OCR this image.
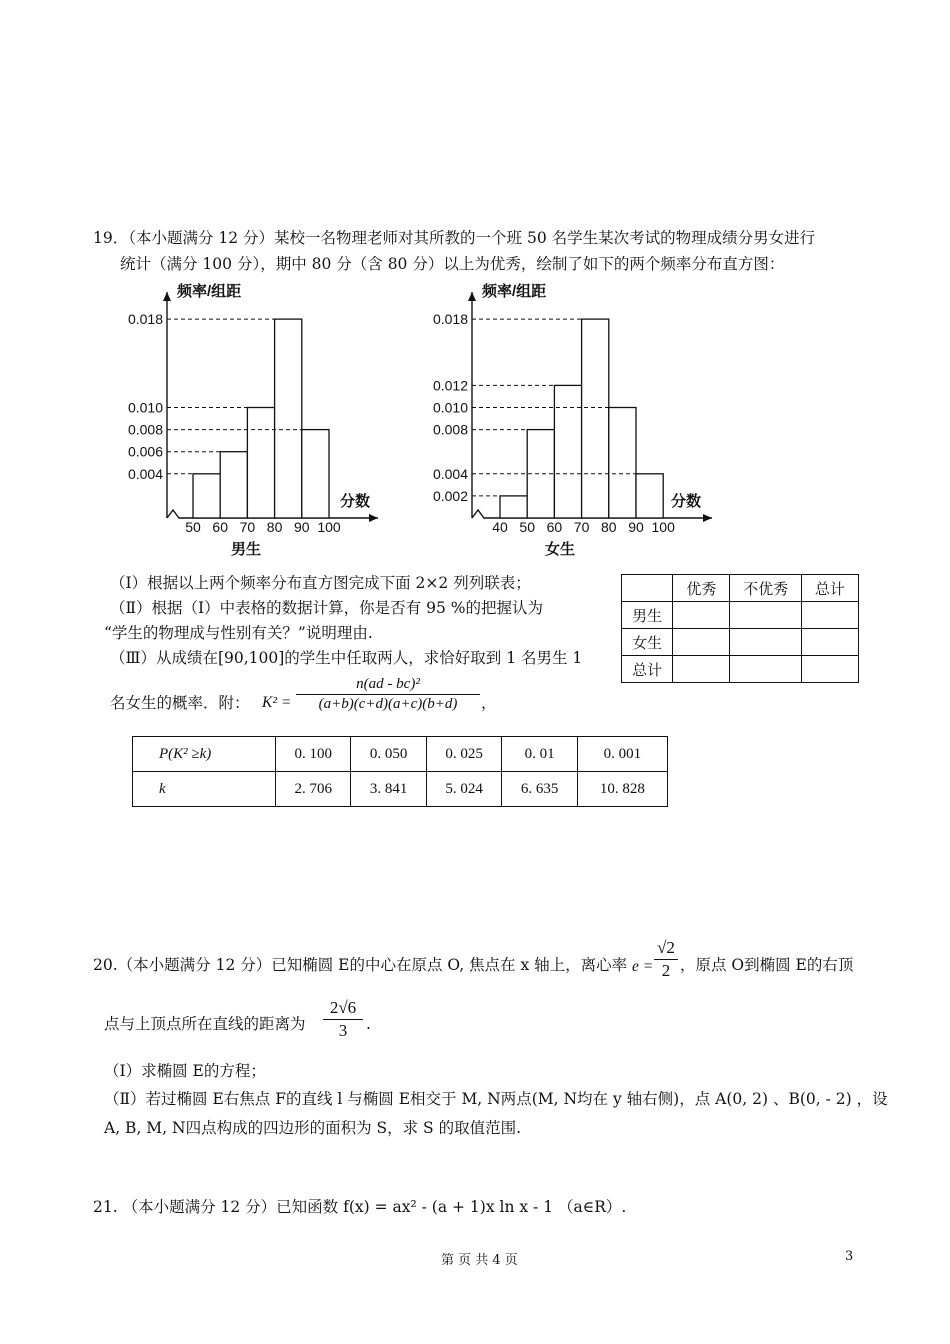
19．（本小题满分 12 分）某校一名物理老师对其所教的一个班 50 名学生某次考试的物理成绩分男女进行
统计（满分 100 分），期中 80 分（含 80 分）以上为优秀，绘制了如下的两个频率分布直方图：
频率/组距
分数
男生
0.018
0.010
0.008
0.006
0.004
50 60 70 80 90 100
频率/组距
分数
女生
0.018
0.012
0.010
0.008
0.004
0.002
40 50 60 70 80 90 100
（Ⅰ）根据以上两个频率分布直方图完成下面 2×2 列列联表；
（Ⅱ）根据（Ⅰ）中表格的数据计算，你是否有 95 %的把握认为
“学生的物理成与性别有关？”说明理由.
（Ⅲ）从成绩在[90,100]的学生中任取两人，求恰好取到 1 名男生 1
名女生的概率．附： K² =
n(ad - bc)²
(a+b)(c+d)(a+c)(b+d)	，
	优秀	不优秀	总计
男生			
女生			
总计			
P(K² ≥k)	0. 100	0. 050	0. 025	0. 01	0. 001
k	2. 706	3. 841	5. 024	6. 635	10. 828
20.（本小题满分 12 分）已知椭圆 E的中心在原点 O, 焦点在 x 轴上，离心率 e =
√2
2 ，原点 O到椭圆 E的右顶
点与上顶点所在直线的距离为
2√6
3	.
（Ⅰ）求椭圆 E的方程；
（Ⅱ）若过椭圆 E右焦点 F的直线 l 与椭圆 E相交于 M, N两点(M, N均在 y 轴右侧)，点 A(0, 2) 、B(0, - 2) ，设
A, B, M, N四点构成的四边形的面积为 S，求 S 的取值范围.
21. （本小题满分 12 分）已知函数 f(x) = ax² - (a + 1)x ln x - 1 （a∈R）.
第 页 共 4 页	3
